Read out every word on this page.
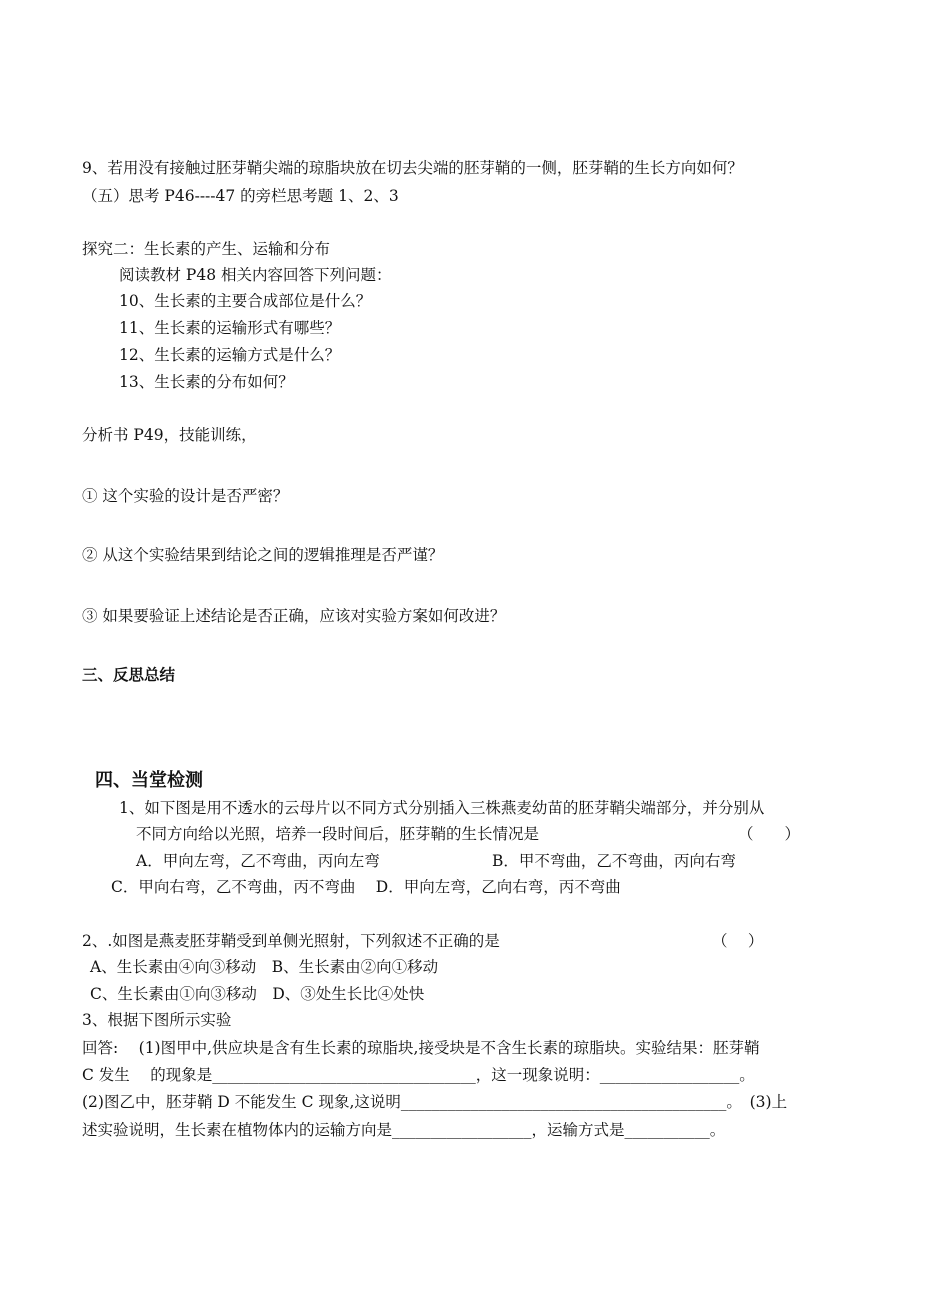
9、若用没有接触过胚芽鞘尖端的琼脂块放在切去尖端的胚芽鞘的一侧，胚芽鞘的生长方向如何？
（五）思考 P46----47 的旁栏思考题 1、2、3
探究二：生长素的产生、运输和分布
阅读教材 P48 相关内容回答下列问题：
10、生长素的主要合成部位是什么？
11、生长素的运输形式有哪些？
12、生长素的运输方式是什么？
13、生长素的分布如何？
分析书 P49，技能训练，
① 这个实验的设计是否严密？
② 从这个实验结果到结论之间的逻辑推理是否严谨？
③ 如果要验证上述结论是否正确，应该对实验方案如何改进？
三、反思总结
四、当堂检测
1、如下图是用不透水的云母片以不同方式分别插入三株燕麦幼苗的胚芽鞘尖端部分，并分别从
不同方向给以光照，培养一段时间后，胚芽鞘的生长情况是	（　　）
A．甲向左弯，乙不弯曲，丙向左弯	B．甲不弯曲，乙不弯曲，丙向右弯
C．甲向右弯，乙不弯曲，丙不弯曲　 D．甲向左弯，乙向右弯，丙不弯曲
2、.如图是燕麦胚芽鞘受到单侧光照射，下列叙述不正确的是	（　 ）
A、生长素由④向③移动　B、生长素由②向①移动
C、生长素由①向③移动　D、③处生长比④处快
3、根据下图所示实验
回答:　 (1)图甲中,供应块是含有生长素的琼脂块,接受块是不含生长素的琼脂块。实验结果：胚芽鞘
C 发生　 的现象是__________________________________，这一现象说明：__________________。
(2)图乙中，胚芽鞘 D 不能发生 C 现象,这说明__________________________________________。　(3)上
述实验说明，生长素在植物体内的运输方向是__________________，运输方式是___________。
